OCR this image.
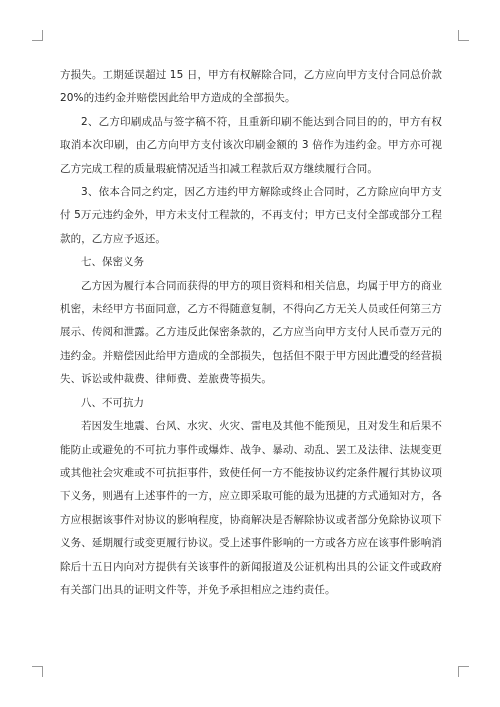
方损失。工期延误超过 15 日，甲方有权解除合同，乙方应向甲方支付合同总价款 20%的违约金并赔偿因此给甲方造成的全部损失。

2、乙方印刷成品与签字稿不符，且重新印刷不能达到合同目的的，甲方有权取消本次印刷，由乙方向甲方支付该次印刷金额的 3 倍作为违约金。甲方亦可视乙方完成工程的质量瑕疵情况适当扣减工程款后双方继续履行合同。

3、依本合同之约定，因乙方违约甲方解除或终止合同时，乙方除应向甲方支付 5万元违约金外，甲方未支付工程款的，不再支付；甲方已支付全部或部分工程款的，乙方应予返还。

七、保密义务

乙方因为履行本合同而获得的甲方的项目资料和相关信息，均属于甲方的商业机密，未经甲方书面同意，乙方不得随意复制，不得向乙方无关人员或任何第三方展示、传阅和泄露。乙方违反此保密条款的，乙方应当向甲方支付人民币壹万元的违约金。并赔偿因此给甲方造成的全部损失，包括但不限于甲方因此遭受的经营损失、诉讼或仲裁费、律师费、差旅费等损失。

八、不可抗力

若因发生地震、台风、水灾、火灾、雷电及其他不能预见，且对发生和后果不能防止或避免的不可抗力事件或爆炸、战争、暴动、动乱、罢工及法律、法规变更或其他社会灾难或不可抗拒事件，致使任何一方不能按协议约定条件履行其协议项下义务，则遇有上述事件的一方，应立即采取可能的最为迅捷的方式通知对方，各方应根据该事件对协议的影响程度，协商解决是否解除协议或者部分免除协议项下义务、延期履行或变更履行协议。受上述事件影响的一方或各方应在该事件影响消除后十五日内向对方提供有关该事件的新闻报道及公证机构出具的公证文件或政府有关部门出具的证明文件等，并免予承担相应之违约责任。
